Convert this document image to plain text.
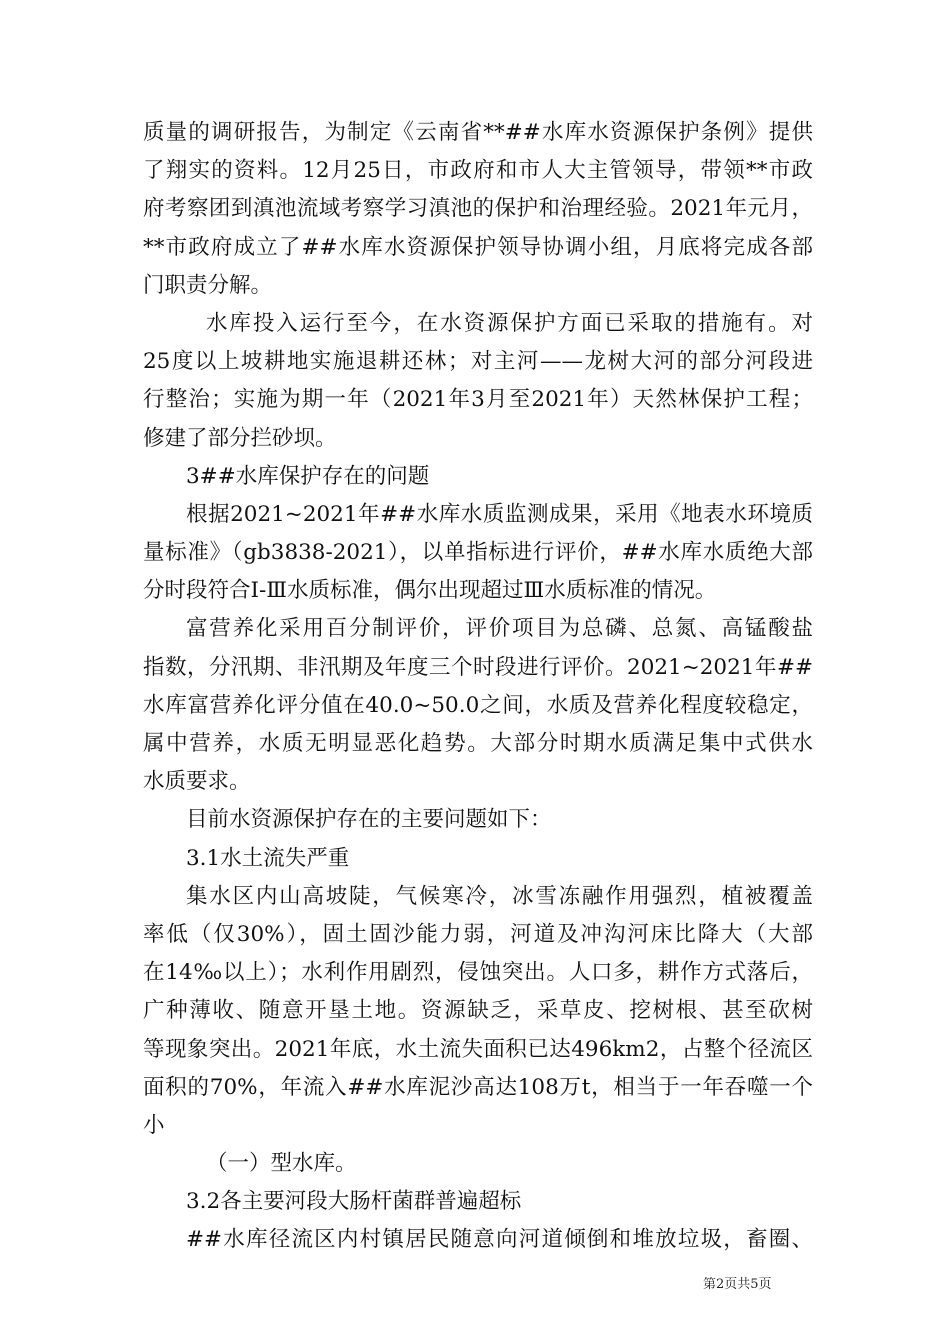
质量的调研报告，为制定《云南省**##水库水资源保护条例》提供
了翔实的资料。12月25日，市政府和市人大主管领导，带领**市政
府考察团到滇池流域考察学习滇池的保护和治理经验。2021年元月，
**市政府成立了##水库水资源保护领导协调小组，月底将完成各部
门职责分解。
水库投入运行至今，在水资源保护方面已采取的措施有。对
25度以上坡耕地实施退耕还林；对主河——龙树大河的部分河段进
行整治；实施为期一年（2021年3月至2021年）天然林保护工程；
修建了部分拦砂坝。
3##水库保护存在的问题
根据2021~2021年##水库水质监测成果，采用《地表水环境质
量标准》（gb3838-2021），以单指标进行评价，##水库水质绝大部
分时段符合Ⅰ-Ⅲ水质标准，偶尔出现超过Ⅲ水质标准的情况。
富营养化采用百分制评价，评价项目为总磷、总氮、高锰酸盐
指数，分汛期、非汛期及年度三个时段进行评价。2021~2021年##
水库富营养化评分值在40.0~50.0之间，水质及营养化程度较稳定，
属中营养，水质无明显恶化趋势。大部分时期水质满足集中式供水
水质要求。
目前水资源保护存在的主要问题如下：
3.1水土流失严重
集水区内山高坡陡，气候寒冷，冰雪冻融作用强烈，植被覆盖
率低（仅30%），固土固沙能力弱，河道及冲沟河床比降大（大部
在14‰以上）；水利作用剧烈，侵蚀突出。人口多，耕作方式落后，
广种薄收、随意开垦土地。资源缺乏，采草皮、挖树根、甚至砍树
等现象突出。2021年底，水土流失面积已达496km2，占整个径流区
面积的70%，年流入##水库泥沙高达108万t，相当于一年吞噬一个
小
（一）型水库。
3.2各主要河段大肠杆菌群普遍超标
##水库径流区内村镇居民随意向河道倾倒和堆放垃圾，畜圈、
第2页共5页
